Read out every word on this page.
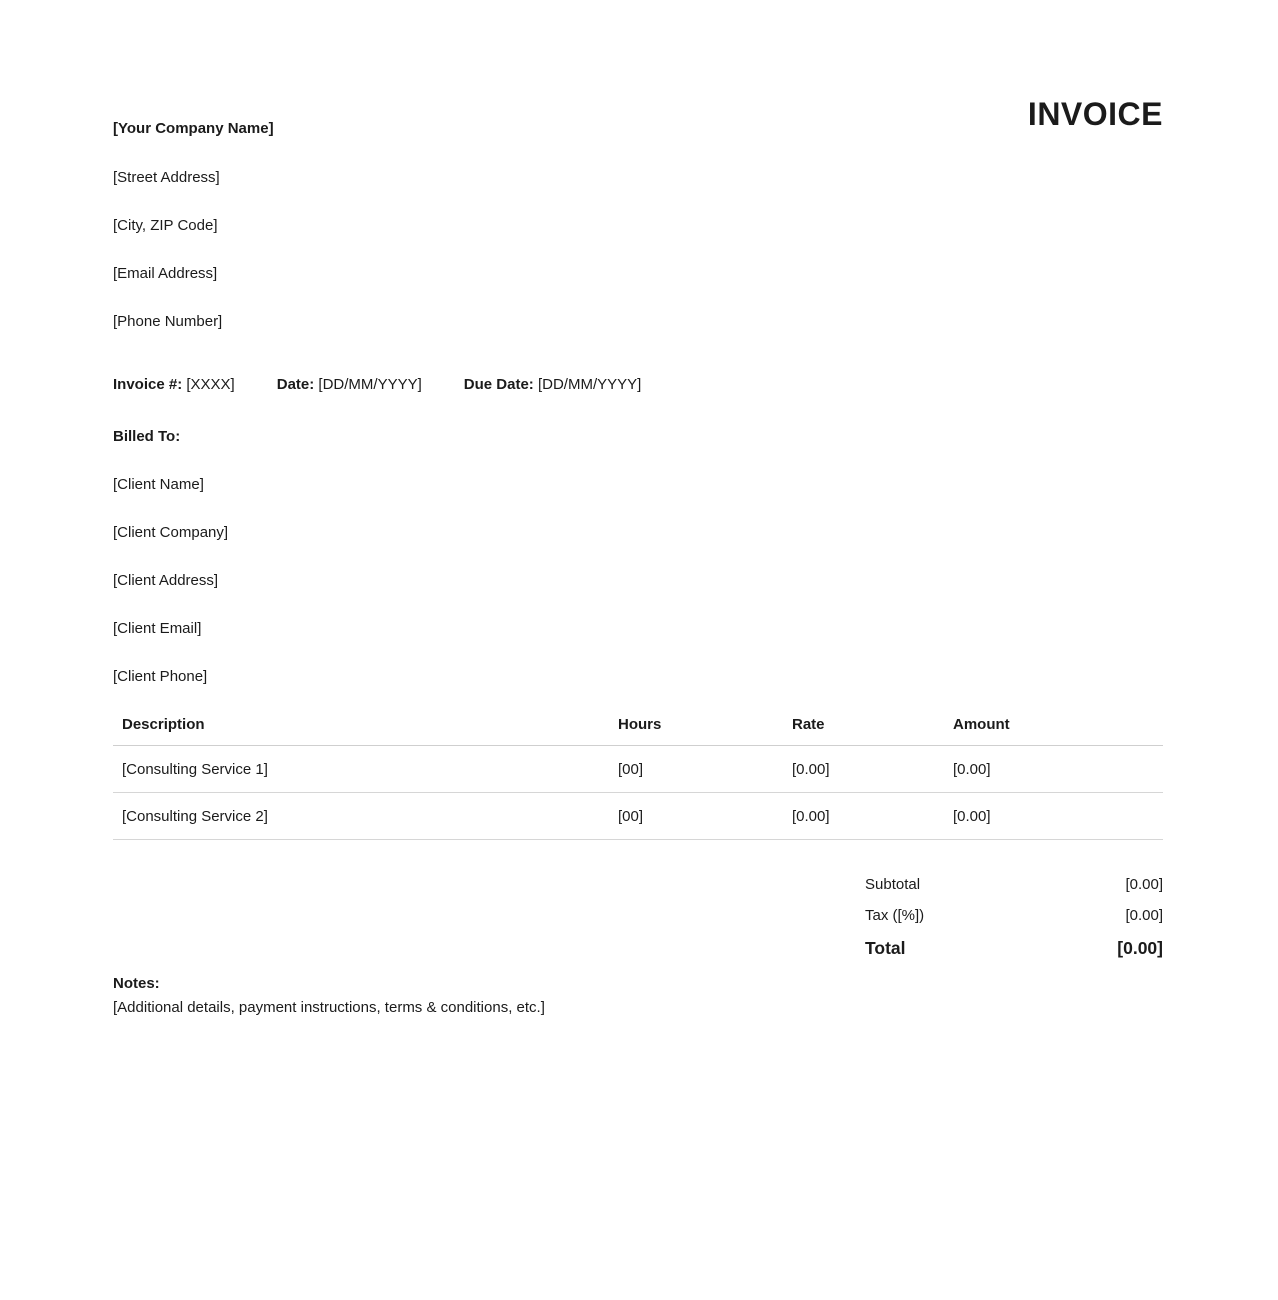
[Your Company Name]

[Street Address]

[City, ZIP Code]

[Email Address]

[Phone Number]

INVOICE
Invoice #: [XXXX]	Date: [DD/MM/YYYY]	Due Date: [DD/MM/YYYY]
Billed To:

[Client Name]

[Client Company]

[Client Address]

[Client Email]

[Client Phone]

Description	Hours	Rate	Amount
[Consulting Service 1]	[00]	[0.00]	[0.00]
[Consulting Service 2]	[00]	[0.00]	[0.00]
Subtotal	[0.00]
Tax ([%])	[0.00]
Total	[0.00]
Notes:

[Additional details, payment instructions, terms & conditions, etc.]
